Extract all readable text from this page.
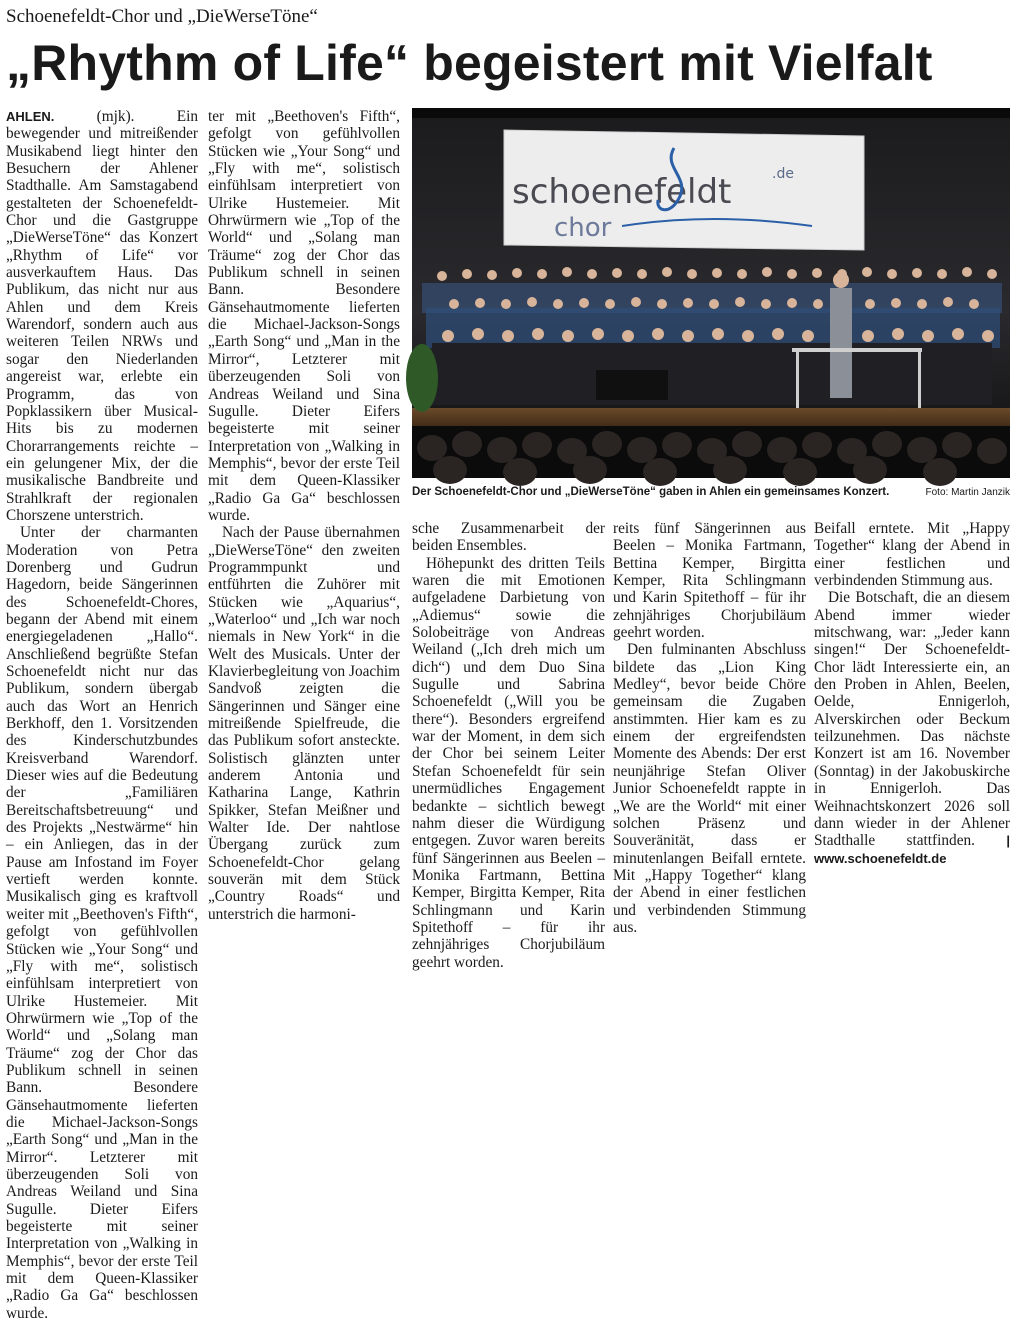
Schoenefeldt-Chor und „DieWerseTöne“
„Rhythm of Life“ begeistert mit Vielfalt

AHLEN.	(mjk). Ein bewegender und mitreißender Musikabend liegt hinter den Besuchern der Ahlener Stadthalle. Am Samstagabend gestalteten der Schoenefeldt-Chor und die Gastgruppe „DieWerseTöne“ das Konzert „Rhythm of Life“ vor ausverkauftem Haus. Das Publikum, das nicht nur aus Ahlen und dem Kreis Warendorf, sondern auch aus weiteren Teilen NRWs und sogar den Niederlanden angereist war, erlebte ein Programm, das von Popklassikern über Musical-Hits bis zu modernen Chorarrangements reichte – ein gelungener Mix, der die musikalische Bandbreite und Strahlkraft der regionalen Chorszene unterstrich.

Unter der charmanten Moderation von Petra Dorenberg und Gudrun Hagedorn, beide Sängerinnen des Schoenefeldt-Chores, begann der Abend mit einem energiegeladenen „Hallo“. Anschließend begrüßte Stefan Schoenefeldt nicht nur das Publikum, sondern übergab auch das Wort an Henrich Berkhoff, den 1. Vorsitzenden des Kinderschutzbundes Kreisverband Warendorf. Dieser wies auf die Bedeutung der „Familiären Bereitschaftsbetreuung“ und des Projekts „Nestwärme“ hin – ein Anliegen, das in der Pause am Infostand im Foyer vertieft werden konnte. Musikalisch ging es kraftvoll weiter mit „Beethoven's Fifth“, gefolgt von gefühlvollen Stücken wie „Your Song“ und „Fly with me“, solistisch einfühlsam interpretiert von Ulrike Hustemeier. Mit Ohrwürmern wie „Top of the World“ und „Solang man Träume“ zog der Chor das Publikum schnell in seinen Bann. Besondere Gänsehautmomente lieferten die Michael-Jackson-Songs „Earth Song“ und „Man in the Mirror“. Letzterer mit überzeugenden Soli von Andreas Weiland und Sina Sugulle. Dieter Eifers begeisterte mit seiner Interpretation von „Walking in Memphis“, bevor der erste Teil mit dem Queen-Klassiker „Radio Ga Ga“ beschlossen wurde.

ter mit „Beethoven's Fifth“, gefolgt von gefühlvollen Stücken wie „Your Song“ und „Fly with me“, solistisch einfühlsam interpretiert von Ulrike Hustemeier. Mit Ohrwürmern wie „Top of the World“ und „Solang man Träume“ zog der Chor das Publikum schnell in seinen Bann. Besondere Gänsehautmomente lieferten die Michael-Jackson-Songs „Earth Song“ und „Man in the Mirror“, Letzterer mit überzeugenden Soli von Andreas Weiland und Sina Sugulle. Dieter Eifers begeisterte mit seiner Interpretation von „Walking in Memphis“, bevor der erste Teil mit dem Queen-Klassiker „Radio Ga Ga“ beschlossen wurde.

Nach der Pause übernahmen „DieWerseTöne“ den zweiten Programmpunkt und entführten die Zuhörer mit Stücken wie „Aquarius“, „Waterloo“ und „Ich war noch niemals in New York“ in die Welt des Musicals. Unter der Klavierbegleitung von Joachim Sandvoß zeigten die Sängerinnen und Sänger eine mitreißende Spielfreude, die das Publikum sofort ansteckte. Solistisch glänzten unter anderem Antonia und Katharina Lange, Kathrin Spikker, Stefan Meißner und Walter Ide. Der nahtlose Übergang zurück zum Schoenefeldt-Chor gelang souverän mit dem Stück „Country Roads“ und unterstrich die harmoni-

schoenefeldt
chor
.de
Der Schoenefeldt-Chor und „DieWerseTöne“ gaben in Ahlen ein gemeinsames Konzert.	Foto: Martin Janzik

sche Zusammenarbeit der beiden Ensembles.

Höhepunkt des dritten Teils waren die mit Emotionen aufgeladene Darbietung von „Adiemus“ sowie die Solobeiträge von Andreas Weiland („Ich dreh mich um dich“) und dem Duo Sina Sugulle und Sabrina Schoenefeldt („Will you be there“). Besonders ergreifend war der Moment, in dem sich der Chor bei seinem Leiter Stefan Schoenefeldt für sein unermüdliches Engagement bedankte – sichtlich bewegt nahm dieser die Würdigung entgegen. Zuvor waren bereits fünf Sängerinnen aus Beelen – Monika Fartmann, Bettina Kemper, Birgitta Kemper, Rita Schlingmann und Karin Spitethoff – für ihr zehnjähriges Chorjubiläum geehrt worden.

reits fünf Sängerinnen aus Beelen – Monika Fartmann, Bettina Kemper, Birgitta Kemper, Rita Schlingmann und Karin Spitethoff – für ihr zehnjähriges Chorjubiläum geehrt worden.

Den fulminanten Abschluss bildete das „Lion King Medley“, bevor beide Chöre gemeinsam die Zugaben anstimmten. Hier kam es zu einem der ergreifendsten Momente des Abends: Der erst neunjährige Stefan Oliver Junior Schoenefeldt rappte in „We are the World“ mit einer solchen Präsenz und Souveränität, dass er minutenlangen Beifall erntete. Mit „Happy Together“ klang der Abend in einer festlichen und verbindenden Stimmung aus.

Beifall erntete. Mit „Happy Together“ klang der Abend in einer festlichen und verbindenden Stimmung aus.

Die Botschaft, die an diesem Abend immer wieder mitschwang, war: „Jeder kann singen!“ Der Schoenefeldt-Chor lädt Interessierte ein, an den Proben in Ahlen, Beelen, Oelde, Ennigerloh, Alverskirchen oder Beckum teilzunehmen. Das nächste Konzert ist am 16. November (Sonntag) in der Jakobuskirche in Ennigerloh. Das Weihnachtskonzert 2026 soll dann wieder in der Ahlener Stadthalle stattfinden. | www.schoenefeldt.de
